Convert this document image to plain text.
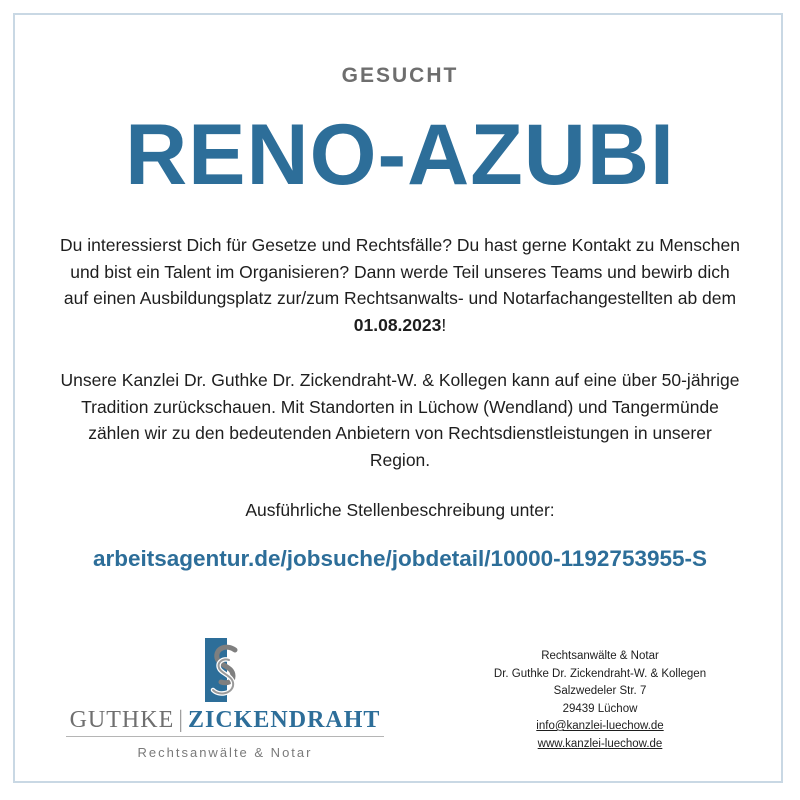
GESUCHT
RENO-AZUBI
Du interessierst Dich für Gesetze und Rechtsfälle? Du hast gerne Kontakt zu Menschen und bist ein Talent im Organisieren? Dann werde Teil unseres Teams und bewirb dich auf einen Ausbildungsplatz zur/zum Rechtsanwalts- und Notarfachangestellten ab dem 01.08.2023!
Unsere Kanzlei Dr. Guthke Dr. Zickendraht-W. & Kollegen kann auf eine über 50-jährige Tradition zurückschauen. Mit Standorten in Lüchow (Wendland) und Tangermünde zählen wir zu den bedeutenden Anbietern von Rechtsdienstleistungen in unserer Region.
Ausführliche Stellenbeschreibung unter:
arbeitsagentur.de/jobsuche/jobdetail/10000-1192753955-S
GUTHKE | ZICKENDRAHT
Rechtsanwälte & Notar
Rechtsanwälte & Notar
Dr. Guthke Dr. Zickendraht-W. & Kollegen
Salzwedeler Str. 7
29439 Lüchow
info@kanzlei-luechow.de
www.kanzlei-luechow.de
